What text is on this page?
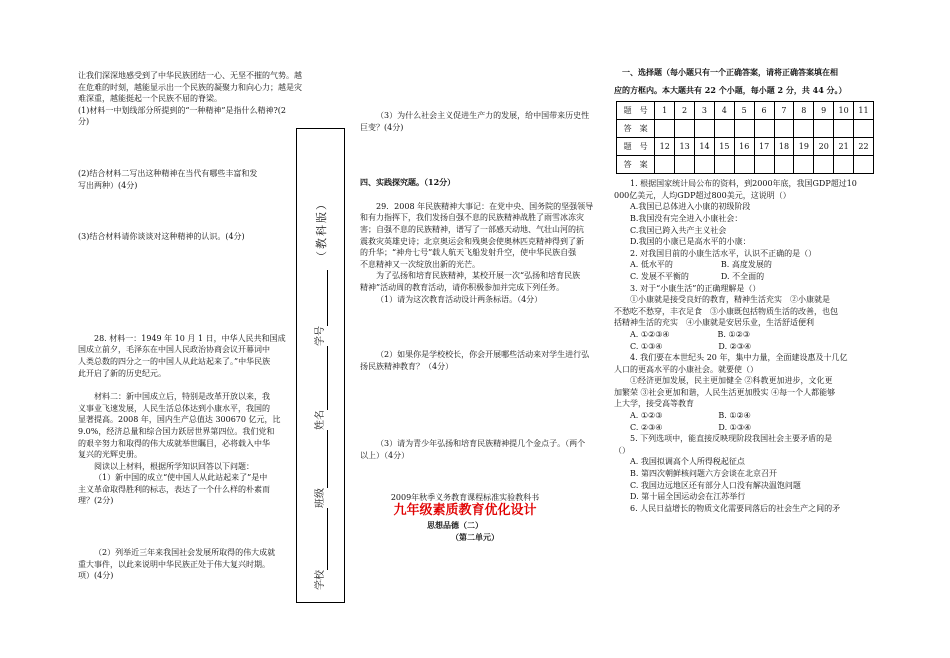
让我们深深地感受到了中华民族团结一心、无坚不摧的气势。越
在危难的时刻，越能显示出一个民族的凝聚力和向心力；越是灾
难深重，越能挺起一个民族不屈的脊梁。
(1)材料一中划线部分所提到的“一种精神”是指什么精神?(2
分)
(2)结合材料二写出这种精神在当代有哪些丰富和发
写出两种）(4分)
(3)结合材料请你谈谈对这种精神的认识。(4分)
28. 材料一：1949 年 10 月 1 日，中华人民共和国成
国成立前夕，毛泽东在中国人民政治协商会议开幕词中
人类总数的四分之一的中国人从此站起来了。”中华民族
此开启了新的历史纪元。
材料二：新中国成立后，特别是改革开放以来，我
义事业飞速发展，人民生活总体达到小康水平，我国的
显著提高。2008 年，国内生产总值达 300670 亿元，比
9.0%，经济总量和综合国力跃居世界第四位。我们党和
的艰辛努力和取得的伟大成就举世瞩目，必将载入中华
复兴的光辉史册。
阅读以上材料，根据所学知识回答以下问题：
（1）新中国的成立“使中国人从此站起来了”是中
主义革命取得胜利的标志，表达了一个什么样的朴素而
理？(2分)
（2）列举近三年来我国社会发展所取得的伟大成就
重大事件，以此来说明中华民族正处于伟大复兴时期。
项）(4分)	学校
班级
姓名
学号
（教科版）
（3）为什么社会主义促进生产力的发展，给中国带来历史性
巨变？(4分)
四、实践探究题。（12分）
29．2008 年民族精神大事记：在党中央、国务院的坚强领导
和有力指挥下，我们发扬自强不息的民族精神战胜了雨雪冰冻灾
害；自强不息的民族精神，谱写了一部感天动地、气壮山河的抗
震救灾英雄史诗；北京奥运会和残奥会使奥林匹克精神得到了新
的升华；“神舟七号”载人航天飞船发射升空，使中华民族自强
不息精神又一次绽放出新的光芒。
为了弘扬和培育民族精神，某校开展一次“弘扬和培育民族
精神”活动周的教育活动，请你积极参加并完成下列任务。
（1）请为这次教育活动设计两条标语。（4分）
（2）如果你是学校校长，你会开展哪些活动来对学生进行弘
扬民族精神教育？（4分）
（3）请为青少年弘扬和培育民族精神提几个金点子。（两个
以上）（4分）
2009年秋季义务教育课程标准实验教科书
九年级素质教育优化设计
思想品德（二）
（第二单元）
一、选择题（每小题只有一个正确答案，请将正确答案填在相
应的方框内。本大题共有 22 个小题，每小题 2 分，共 44 分。）
题　号	1	2	3	4	5	6	7	8	9	10	11
答　案											
题　号	12	13	14	15	16	17	18	19	20	21	22
答　案											
1. 根据国家统计局公布的资料，到2000年底，我国GDP超过10
000亿美元，人均GDP超过800美元，这说明（）
A.我国已总体进入小康的初级阶段
B.我国没有完全进入小康社会：
C.我国已跨入共产主义社会
D.我国的小康已是高水平的小康：
2. 对我国目前的小康生活水平，认识不正确的是（）
A. 低水平的　　　　　　B. 高度发展的
C. 发展不平衡的　　　　D. 不全面的
3. 对于“小康生活”的正确理解是（）
①小康就是接受良好的教育，精神生活充实　②小康就是
不愁吃不愁穿，丰衣足食　③小康既包括物质生活的改善，也包
括精神生活的充实　④小康就是安居乐业，生活舒适便利
A. ①②③④　　　　　　B. ①②③
C. ①③④　　　　　　　D. ②③④
4. 我们要在本世纪头 20 年，集中力量，全面建设惠及十几亿
人口的更高水平的小康社会。就要使（）
①经济更加发展，民主更加健全 ②科教更加进步，文化更
加繁荣 ③社会更加和谐，人民生活更加殷实 ④每一个人都能够
上大学，接受高等教育
A. ①②③　　　　　　　B. ①②④
C. ②③④　　　　　　　D. ①③④
5. 下列选项中，能直接反映现阶段我国社会主要矛盾的是
（）
A. 我国拟调高个人所得税起征点
B. 第四次朝鲜核问题六方会谈在北京召开
C. 我国边远地区还有部分人口没有解决温饱问题
D. 第十届全国运动会在江苏举行
6. 人民日益增长的物质文化需要同落后的社会生产之间的矛
